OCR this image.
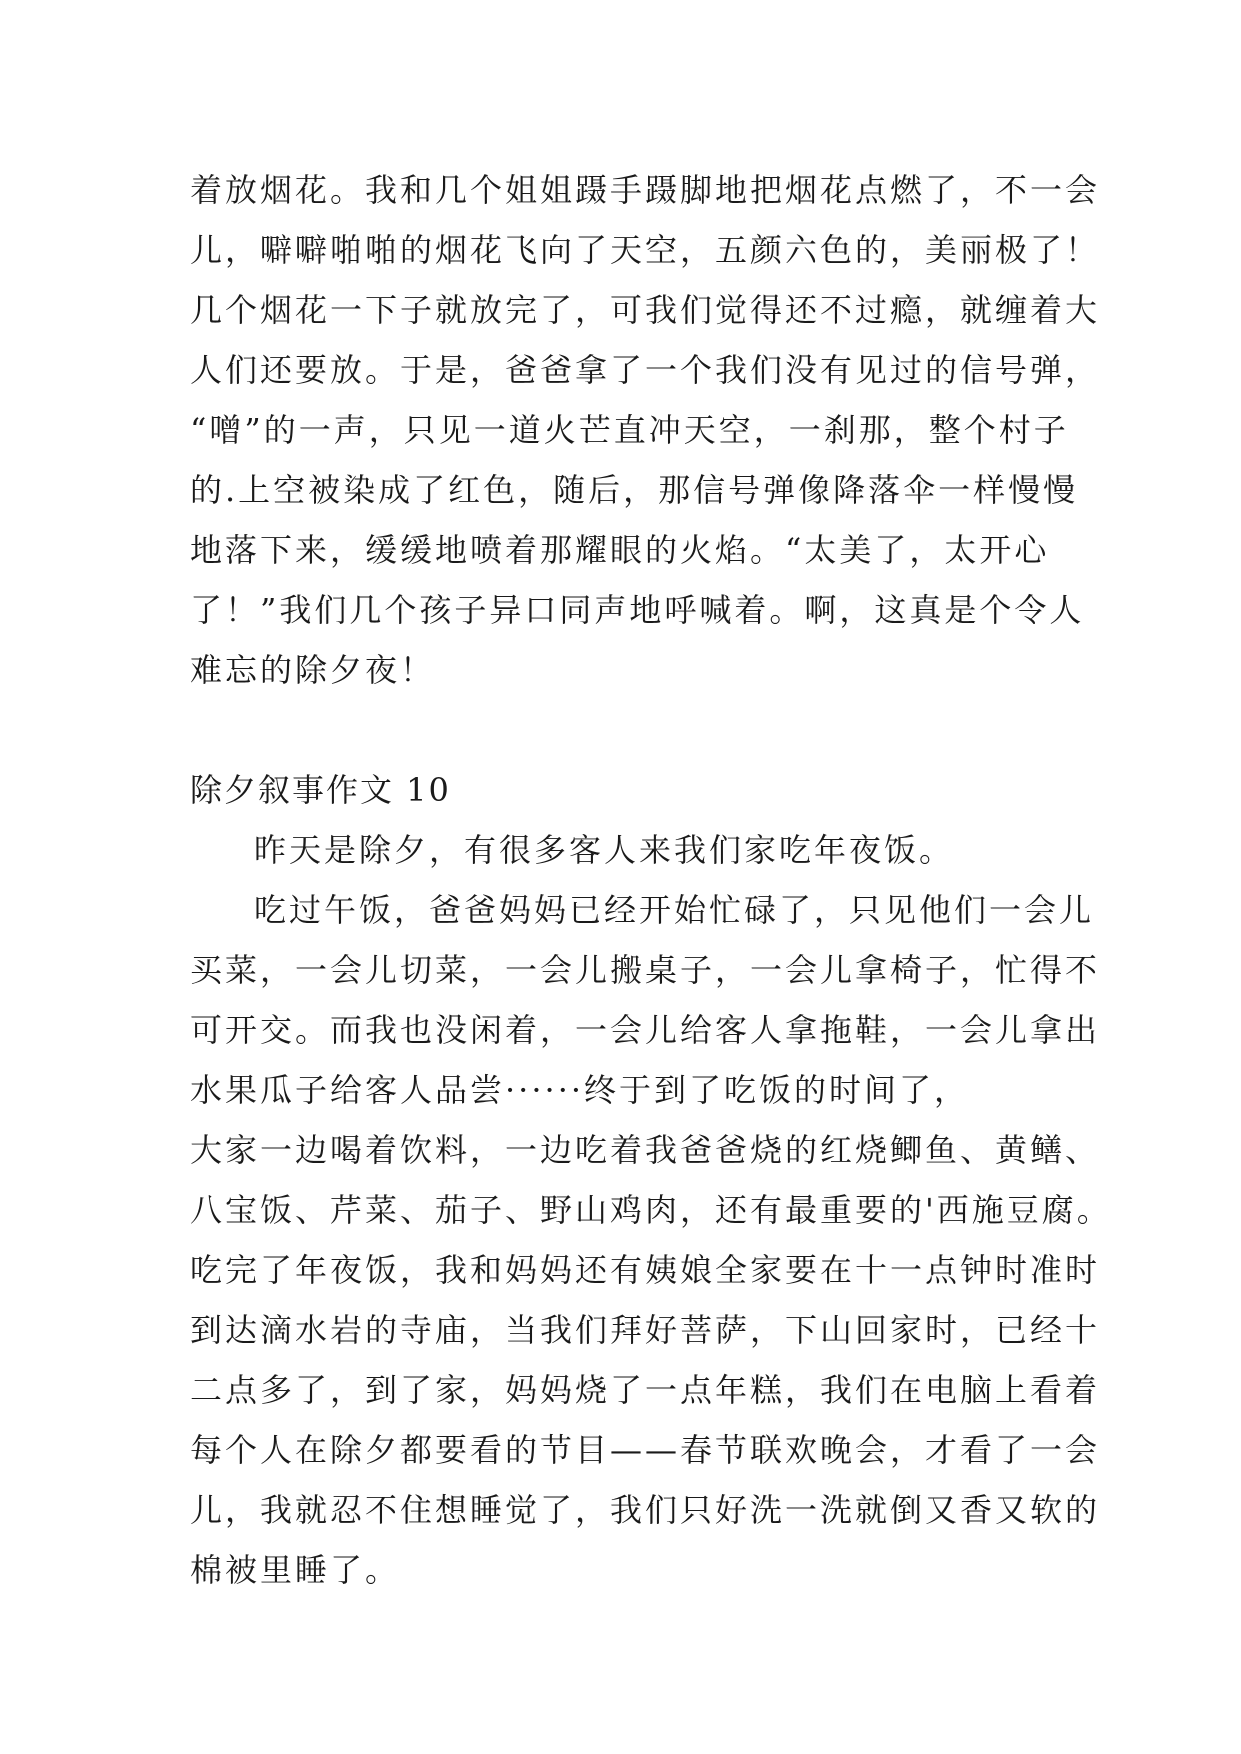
着放烟花。我和几个姐姐蹑手蹑脚地把烟花点燃了，不一会
儿，噼噼啪啪的烟花飞向了天空，五颜六色的，美丽极了！
几个烟花一下子就放完了，可我们觉得还不过瘾，就缠着大
人们还要放。于是，爸爸拿了一个我们没有见过的信号弹，
“噌”的一声，只见一道火芒直冲天空，一刹那，整个村子
的.上空被染成了红色，随后，那信号弹像降落伞一样慢慢
地落下来，缓缓地喷着那耀眼的火焰。“太美了，太开心
了！”我们几个孩子异口同声地呼喊着。啊，这真是个令人
难忘的除夕夜！
除夕叙事作文 10
昨天是除夕，有很多客人来我们家吃年夜饭。
吃过午饭，爸爸妈妈已经开始忙碌了，只见他们一会儿
买菜，一会儿切菜，一会儿搬桌子，一会儿拿椅子，忙得不
可开交。而我也没闲着，一会儿给客人拿拖鞋，一会儿拿出
水果瓜子给客人品尝······终于到了吃饭的时间了，
大家一边喝着饮料，一边吃着我爸爸烧的红烧鲫鱼、黄鳝、
八宝饭、芹菜、茄子、野山鸡肉，还有最重要的'西施豆腐。
吃完了年夜饭，我和妈妈还有姨娘全家要在十一点钟时准时
到达滴水岩的寺庙，当我们拜好菩萨，下山回家时，已经十
二点多了，到了家，妈妈烧了一点年糕，我们在电脑上看着
每个人在除夕都要看的节目——春节联欢晚会，才看了一会
儿，我就忍不住想睡觉了，我们只好洗一洗就倒又香又软的
棉被里睡了。
